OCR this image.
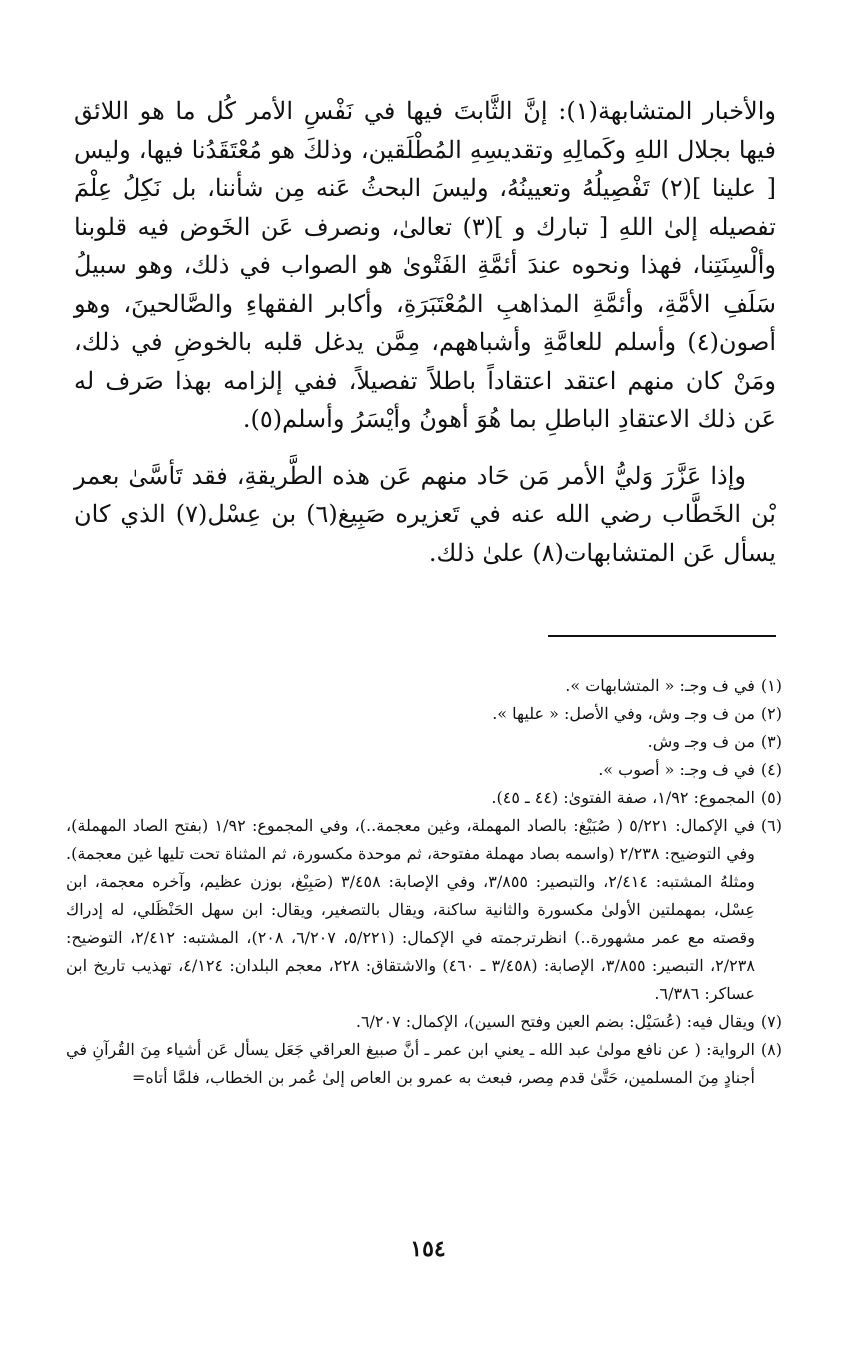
والأخبار المتشابهة(١): إنَّ الثَّابتَ فيها في نَفْسِ الأمر كُل ما هو اللائق فيها بجلال اللهِ وكَمالِهِ وتقديسِهِ المُطْلَقين، وذلكَ هو مُعْتَقَدُنا فيها، وليس [ علينا ](٢) تَفْصِيلُهُ وتعيينُهُ، وليسَ البحثُ عَنه مِن شأننا، بل نَكِلُ عِلْمَ تفصيله إلىٰ اللهِ [ تبارك و ](٣) تعالىٰ، ونصرف عَن الخَوض فيه قلوبنا وألْسِنَتِنا، فهذا ونحوه عندَ أئمَّةِ الفَتْوىٰ هو الصواب في ذلك، وهو سبيلُ سَلَفِ الأمَّةِ، وأئمَّةِ المذاهبِ المُعْتَبَرَةِ، وأكابر الفقهاءِ والصَّالحينَ، وهو أصون(٤) وأسلم للعامَّةِ وأشباههم، مِمَّن يدغل قلبه بالخوضِ في ذلك، ومَنْ كان منهم اعتقد اعتقاداً باطلاً تفصيلاً، ففي إلزامه بهذا صَرف له عَن ذلك الاعتقادِ الباطلِ بما هُوَ أهونُ وأيْسَرُ وأسلم(٥).

وإذا عَزَّرَ وَليُّ الأمر مَن حَاد منهم عَن هذه الطَّريقةِ، فقد تَأسَّىٰ بعمر بْن الخَطَّاب رضي الله عنه في تَعزيره صَبِيغ(٦) بن عِسْل(٧) الذي كان يسأل عَن المتشابهات(٨) علىٰ ذلك.

(١)
في ف وجـ: « المتشابهات ».
(٢)
من ف وجـ وش، وفي الأصل: « عليها ».
(٣)
من ف وجـ وش.
(٤)
في ف وجـ: « أصوب ».
(٥)
المجموع: ١/٩٢، صفة الفتوىٰ: (٤٤ ـ ٤٥).
(٦)
في الإكمال: ٥/٢٢١ ( صُبَيْغ: بالصاد المهملة، وغين معجمة..)، وفي المجموع: ١/٩٢ (بفتح الصاد المهملة)، وفي التوضيح: ٢/٢٣٨ (واسمه بصاد مهملة مفتوحة، ثم موحدة مكسورة، ثم المثناة تحت تليها غين معجمة). ومثلهُ المشتبه: ٢/٤١٤، والتبصير: ٣/٨٥٥، وفي الإصابة: ٣/٤٥٨ (صَبِيْغ، بوزن عظيم، وآخره معجمة، ابن عِسْل، بمهملتين الأولىٰ مكسورة والثانية ساكنة، ويقال بالتصغير، ويقال: ابن سهل الحَنْظَلي، له إدراك وقصته مع عمر مشهورة..) انظرترجمته في الإكمال: (٥/٢٢١، ٦/٢٠٧، ٢٠٨)، المشتبه: ٢/٤١٢، التوضيح: ٢/٢٣٨، التبصير: ٣/٨٥٥، الإصابة: (٣/٤٥٨ ـ ٤٦٠) والاشتقاق: ٢٢٨، معجم البلدان: ٤/١٢٤، تهذيب تاريخ ابن عساكر: ٦/٣٨٦.
(٧)
ويقال فيه: (عُسَيْل: بضم العين وفتح السين)، الإكمال: ٦/٢٠٧.
(٨)
الرواية: ( عن نافع مولىٰ عبد الله ـ يعني ابن عمر ـ أنَّ صبيغ العراقي جَعَل يسأل عَن أشياء مِنَ القُرآنِ في أجنادٍ مِنَ المسلمين، حَتَّىٰ قدم مِصر، فبعث به عمرو بن العاص إلىٰ عُمر بن الخطاب، فلمَّا أتاه=
١٥٤
